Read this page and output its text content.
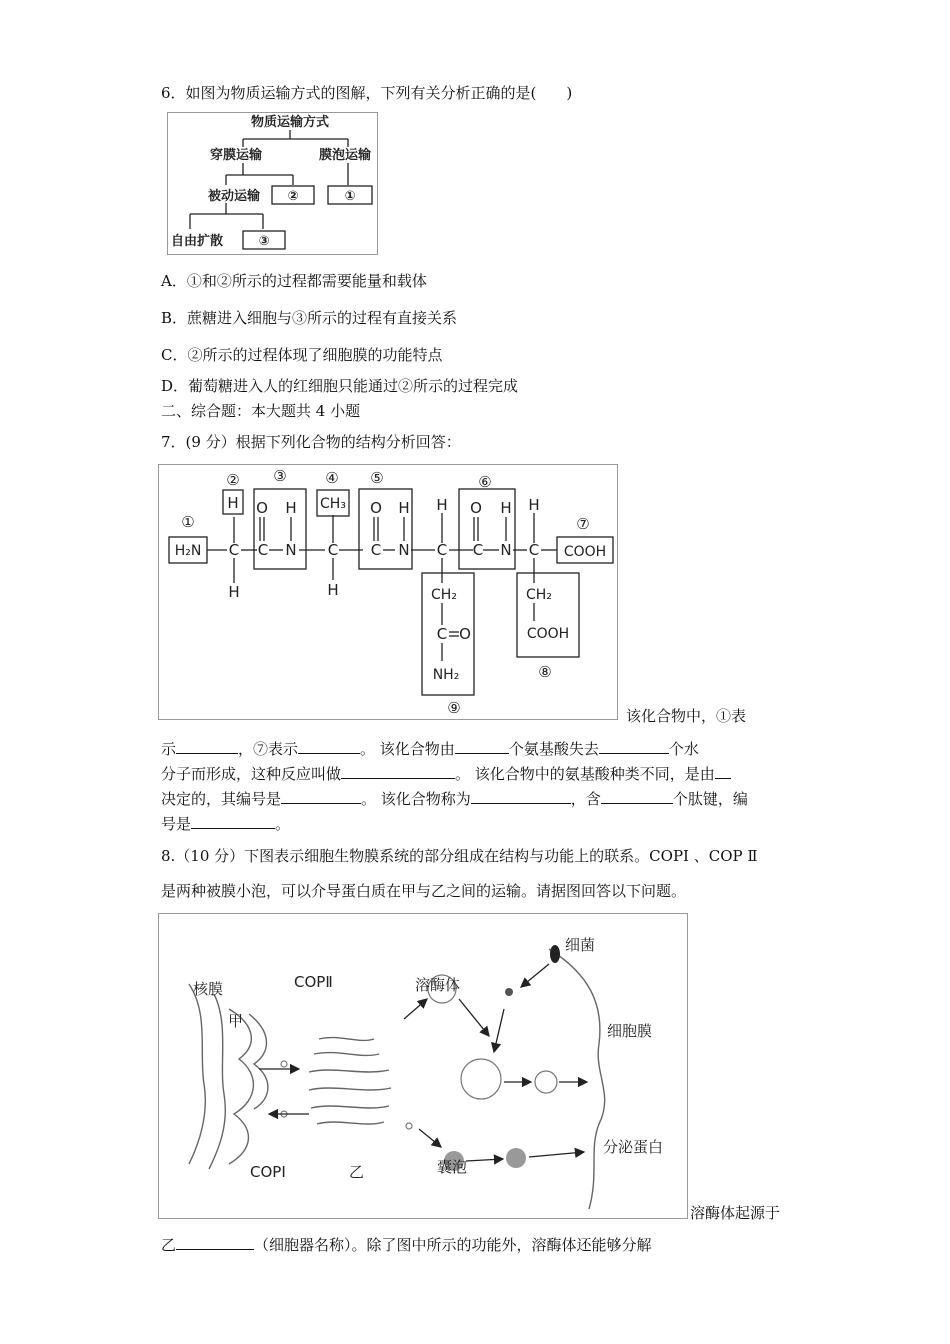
6．如图为物质运输方式的图解，下列有关分析正确的是(　　)
物质运输方式
穿膜运输	膜泡运输
被动运输 ②	①
自由扩散	③
A．①和②所示的过程都需要能量和载体
B．蔗糖进入细胞与③所示的过程有直接关系
C．②所示的过程体现了细胞膜的功能特点
D．葡萄糖进入人的红细胞只能通过②所示的过程完成
二、综合题：本大题共 4 小题
7．(9 分）根据下列化合物的结构分析回答：
①
② ③	④ ⑤	⑥
⑦
⑧
⑨
H₂N
H
C
H
O H
C N
CH₃
C
H
O H
C N
H
C
CH₂
C O
NH₂
O H
C N
H
C COOH
CH₂
COOH
该化合物中，①表
示	，⑦表示	。 该化合物由	个氨基酸失去	个水
分子而形成，这种反应叫做	。 该化合物中的氨基酸种类不同，是由
决定的，其编号是	。 该化合物称为	，含	个肽键，编
号是	。
8.（10 分）下图表示细胞生物膜系统的部分组成在结构与功能上的联系。COPⅠ 、COP Ⅱ
是两种被膜小泡，可以介导蛋白质在甲与乙之间的运输。请据图回答以下问题。
核膜
甲
COPⅡ
COPⅠ	乙
溶酶体
细菌
细胞膜
囊泡
分泌蛋白
溶酶体起源于
乙	（细胞器名称）。除了图中所示的功能外，溶酶体还能够分解
